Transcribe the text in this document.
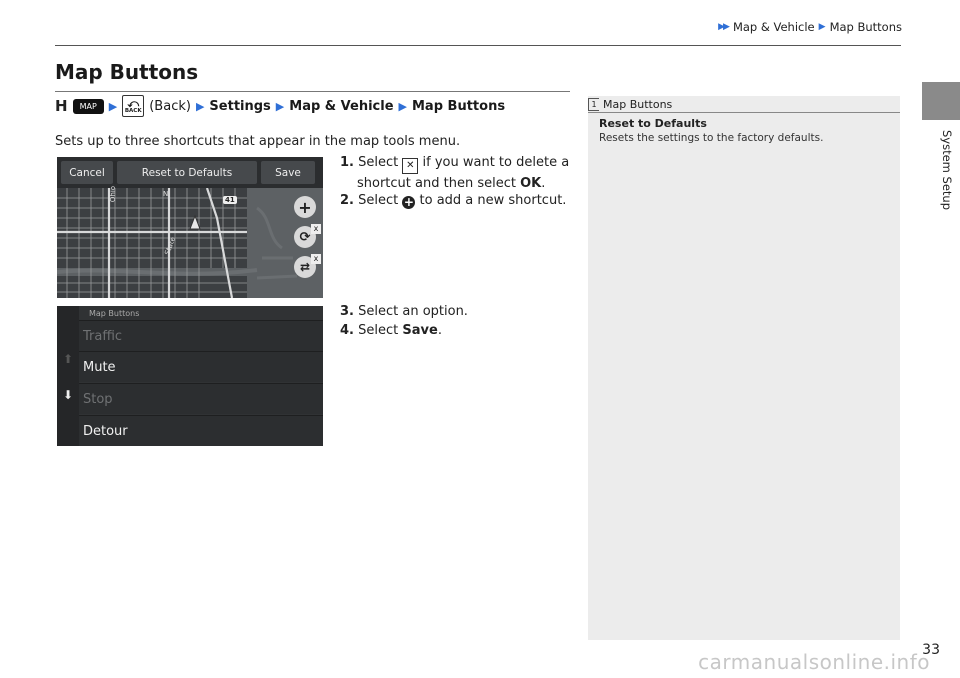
▶▶ Map & Vehicle ▶ Map Buttons
System Setup
Map Buttons
H	MAP	▶ ⤺
BACK (Back) ▶ Settings ▶ Map & Vehicle ▶ Map Buttons
Sets up to three shortcuts that appear in the map tools menu.
1. Select ✕ if you want to delete a
shortcut and then select OK.
2. Select + to add a new shortcut.
3. Select an option.
4. Select Save.
Cancel	Reset to Defaults	Save
Ohio
State
N
41	+
⟳
x
⇄
x
⬆
⬇
Map Buttons
Traffic
Mute
Stop
Detour
1 Map Buttons
Reset to Defaults
Resets the settings to the factory defaults.
33
carmanualsonline.info
